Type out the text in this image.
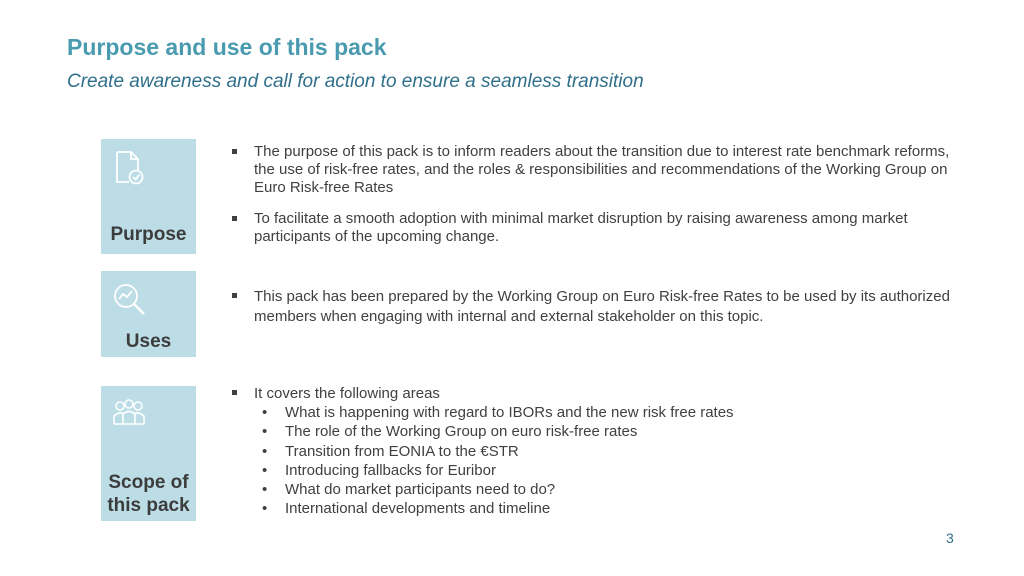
Purpose and use of this pack

Create awareness and call for action to ensure a seamless transition

Purpose
Uses
Scope of
this pack
The purpose of this pack is to inform readers about the transition due to interest rate benchmark reforms, the use of risk-free rates, and the roles & responsibilities and recommendations of the Working Group on Euro Risk-free Rates
To facilitate a smooth adoption with minimal market disruption by raising awareness among market participants of the upcoming change.
This pack has been prepared by the Working Group on Euro Risk-free Rates to be used by its authorized members when engaging with internal and external stakeholder on this topic.
It covers the following areas
• What is happening with regard to IBORs and the new risk free rates
• The role of the Working Group on euro risk-free rates
• Transition from EONIA to the €STR
• Introducing fallbacks for Euribor
• What do market participants need to do?
• International developments and timeline
3
